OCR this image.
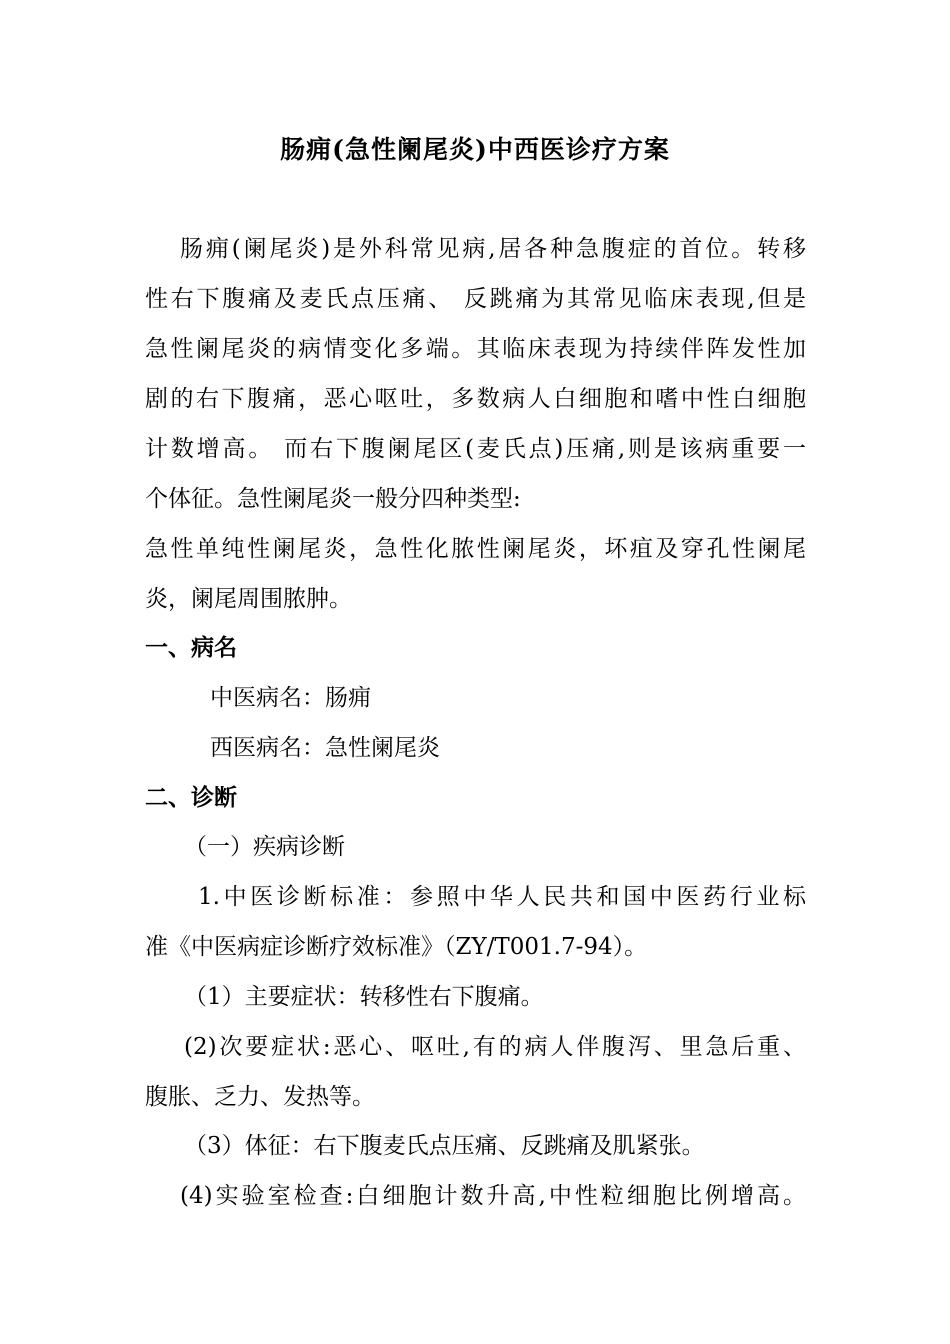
肠痈(急性阑尾炎)中西医诊疗方案
肠痈(阑尾炎)是外科常见病,居各种急腹症的首位。转移
性右下腹痛及麦氏点压痛、 反跳痛为其常见临床表现,但是
急性阑尾炎的病情变化多端。其临床表现为持续伴阵发性加
剧的右下腹痛，恶心呕吐，多数病人白细胞和嗜中性白细胞
计数增高。 而右下腹阑尾区(麦氏点)压痛,则是该病重要一
个体征。急性阑尾炎一般分四种类型:
急性单纯性阑尾炎，急性化脓性阑尾炎，坏疽及穿孔性阑尾
炎，阑尾周围脓肿。
一、病名
中医病名：肠痈
西医病名：急性阑尾炎
二、诊断
（一）疾病诊断
1.中医诊断标准：参照中华人民共和国中医药行业标
准《中医病症诊断疗效标准》（ZY/T001.7-94）。
（1）主要症状：转移性右下腹痛。
(2)次要症状:恶心、呕吐,有的病人伴腹泻、里急后重、
腹胀、乏力、发热等。
（3）体征：右下腹麦氏点压痛、反跳痛及肌紧张。
(4)实验室检查:白细胞计数升高,中性粒细胞比例增高。
